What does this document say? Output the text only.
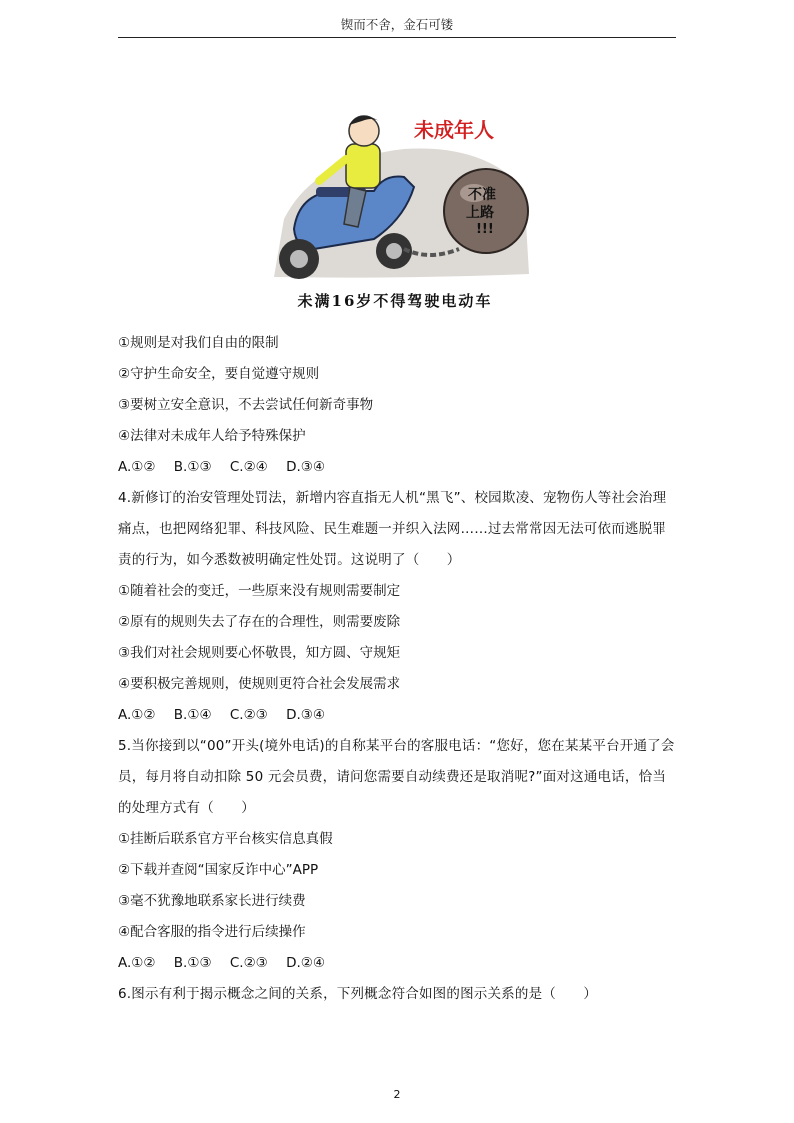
锲而不舍，金石可镂
未成年人
不准
上路
!!!
未满16岁不得驾驶电动车
①规则是对我们自由的限制
②守护生命安全，要自觉遵守规则
③要树立安全意识，不去尝试任何新奇事物
④法律对未成年人给予特殊保护
A.①② B.①③ C.②④ D.③④
4.新修订的治安管理处罚法，新增内容直指无人机“黑飞”、校园欺凌、宠物伤人等社会治理痛点，也把网络犯罪、科技风险、民生难题一并织入法网……过去常常因无法可依而逃脱罪责的行为，如今悉数被明确定性处罚。这说明了（　　）
①随着社会的变迁，一些原来没有规则需要制定
②原有的规则失去了存在的合理性，则需要废除
③我们对社会规则要心怀敬畏，知方圆、守规矩
④要积极完善规则，使规则更符合社会发展需求
A.①② B.①④ C.②③ D.③④
5.当你接到以“00”开头(境外电话)的自称某平台的客服电话：“您好，您在某某平台开通了会员，每月将自动扣除 50 元会员费，请问您需要自动续费还是取消呢?”面对这通电话，恰当的处理方式有（　　）
①挂断后联系官方平台核实信息真假
②下载并查阅“国家反诈中心”APP
③毫不犹豫地联系家长进行续费
④配合客服的指令进行后续操作
A.①② B.①③ C.②③ D.②④
6.图示有利于揭示概念之间的关系，下列概念符合如图的图示关系的是（　　）
2
